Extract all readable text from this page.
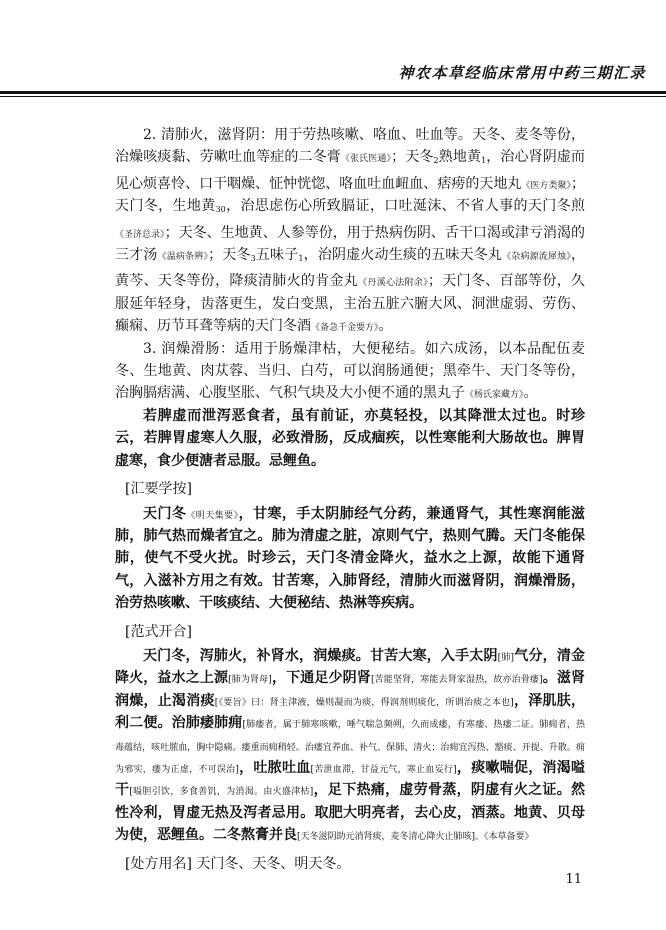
神农本草经临床常用中药三期汇录

2. 清肺火，滋肾阴：用于劳热咳嗽、咯血、吐血等。天冬、麦冬等份，治燥咳痰黏、劳嗽吐血等症的二冬膏《张氏医通》；天冬$_2$熟地黄$_1$，治心肾阴虚而见心烦喜怜、口干咽燥、怔忡恍惚、咯血吐血衄血、痞痨的天地丸《医方类聚》；天门冬，生地黄$_{30}$，治思虑伤心所致膈证，口吐涎沫、不省人事的天门冬煎《圣济总录》；天冬、生地黄、人参等份，用于热病伤阴、舌干口渴或津亏消渴的三才汤《温病条辨》；天冬$_3$五味子$_1$，治阴虚火动生痰的五味天冬丸《杂病源流犀烛》，黄芩、天冬等份，降痰清肺火的肯金丸《丹溪心法附余》；天门冬、百部等份，久服延年轻身，齿落更生，发白变黑，主治五脏六腑大风、洞泄虚弱、劳伤、癫痫、历节耳聋等病的天门冬酒《备急千金要方》。

3. 润燥滑肠：适用于肠燥津枯，大便秘结。如六成汤，以本品配伍麦冬、生地黄、肉苁蓉、当归、白芍，可以润肠通便；黑牵牛、天门冬等份，治胸膈痞满、心腹坚胀、气积气块及大小便不通的黑丸子《杨氏家藏方》。

若脾虚而泄泻恶食者，虽有前证，亦莫轻投，以其降泄太过也。时珍云，若脾胃虚寒人久服，必致滑肠，反成痼疾，以性寒能利大肠故也。脾胃虚寒，食少便溏者忌服。忌鲤鱼。

[汇要学按]

天门冬《明天集要》，甘寒，手太阴肺经气分药，兼通肾气，其性寒润能滋肺，肺气热而燥者宜之。肺为清虚之脏，凉则气宁，热则气腾。天门冬能保肺，使气不受火扰。时珍云，天门冬清金降火，益水之上源，故能下通肾气，入滋补方用之有效。甘苦寒，入肺肾经，清肺火而滋肾阴，润燥滑肠，治劳热咳嗽、干咳痰结、大便秘结、热淋等疾病。

[范式开合]

天门冬，泻肺火，补肾水，润燥痰。甘苦大寒，入手太阴[肺]气分，清金降火，益水之上源[肺为肾母]，下通足少阴肾[苦能坚肾，寒能去肾家湿热，故亦治骨痿]。滋肾润燥，止渴消痰[《要旨》曰：肾主津液，燥则凝而为痰，得润剂则痰化，所谓治痰之本也]，泽肌肤，利二便。治肺痿肺痈[肺痿者，属于肺寒咳嗽，唾气喘急频朔，久而成痿，有寒痿、热痿二证。肺痈者，热毒蕴结，咳吐脓血，胸中隐痛。痿重而痈稍轻。治痿宜养血、补气、保肺、清火；治痈宜泻热、豁痰、开提、升散。痈为邪实，痿为正虚，不可误治]，吐脓吐血[苦泄血滞，甘益元气，寒止血妄行]，痰嗽喘促，消渴嗌干[嗌胆引饮，多食善饥，为消渴。由火盛津枯]，足下热痛，虚劳骨蒸，阴虚有火之证。然性冷利，胃虚无热及泻者忌用。取肥大明亮者，去心皮，酒蒸。地黄、贝母为使，恶鲤鱼。二冬熬膏并良[天冬滋阴助元消肾痰，麦冬清心降火止肺咳]。《本草备要》

[处方用名] 天门冬、天冬、明天冬。
11
